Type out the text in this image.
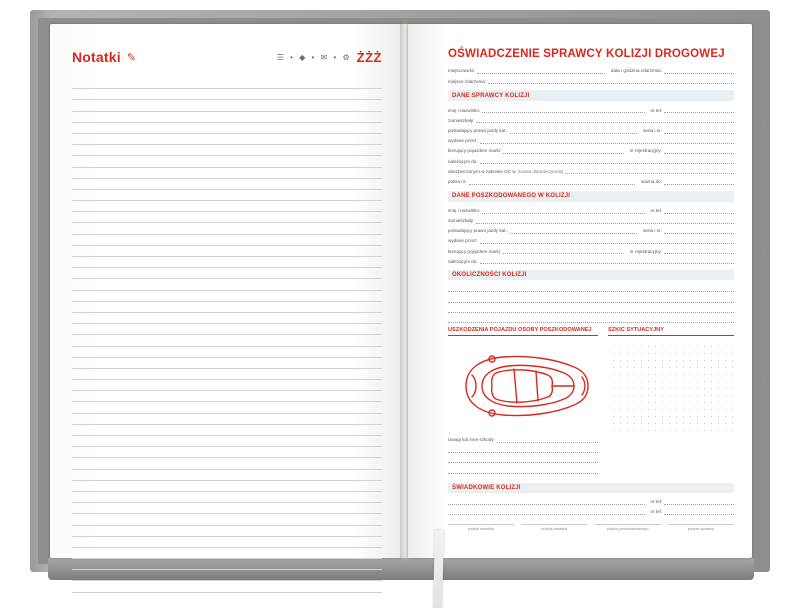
Notatki ✎	☰ • ◆ • ✉ • ⚙ ŻŻŻ	OŚWIADCZENIE SPRAWCY KOLIZJI DROGOWEJ
miejscowość:	data i godzina zdarzenia:
miejsce zdarzenia:
DANE SPRAWCY KOLIZJI
imię i nazwisko:	nr tel:
zamieszkały:
posiadający prawo jazdy kat.:	seria i nr:
wydane przez:
kierujący pojazdem marki:	nr rejestracyjny:
należącym do:
ubezpieczonym w zakresie OC w (nazwa ubezpieczyciela)
polisa nr:	ważna do:
DANE POSZKODOWANEGO W KOLIZJI
imię i nazwisko:	nr tel:
zamieszkały:
posiadający prawo jazdy kat.:	seria i nr:
wydane przez:
kierujący pojazdem marki:	nr rejestracyjny:
należącym do:
OKOLICZNOŚCI KOLIZJI
USZKODZENIA POJAZDU OSOBY POSZKODOWANEJ
Uwagi lub inne szkody:
SZKIC SYTUACYJNY
ŚWIADKOWIE KOLIZJI
nr tel:
nr tel:
podpis świadka	podpis świadka	podpis poszkodowanego	podpis sprawcy
